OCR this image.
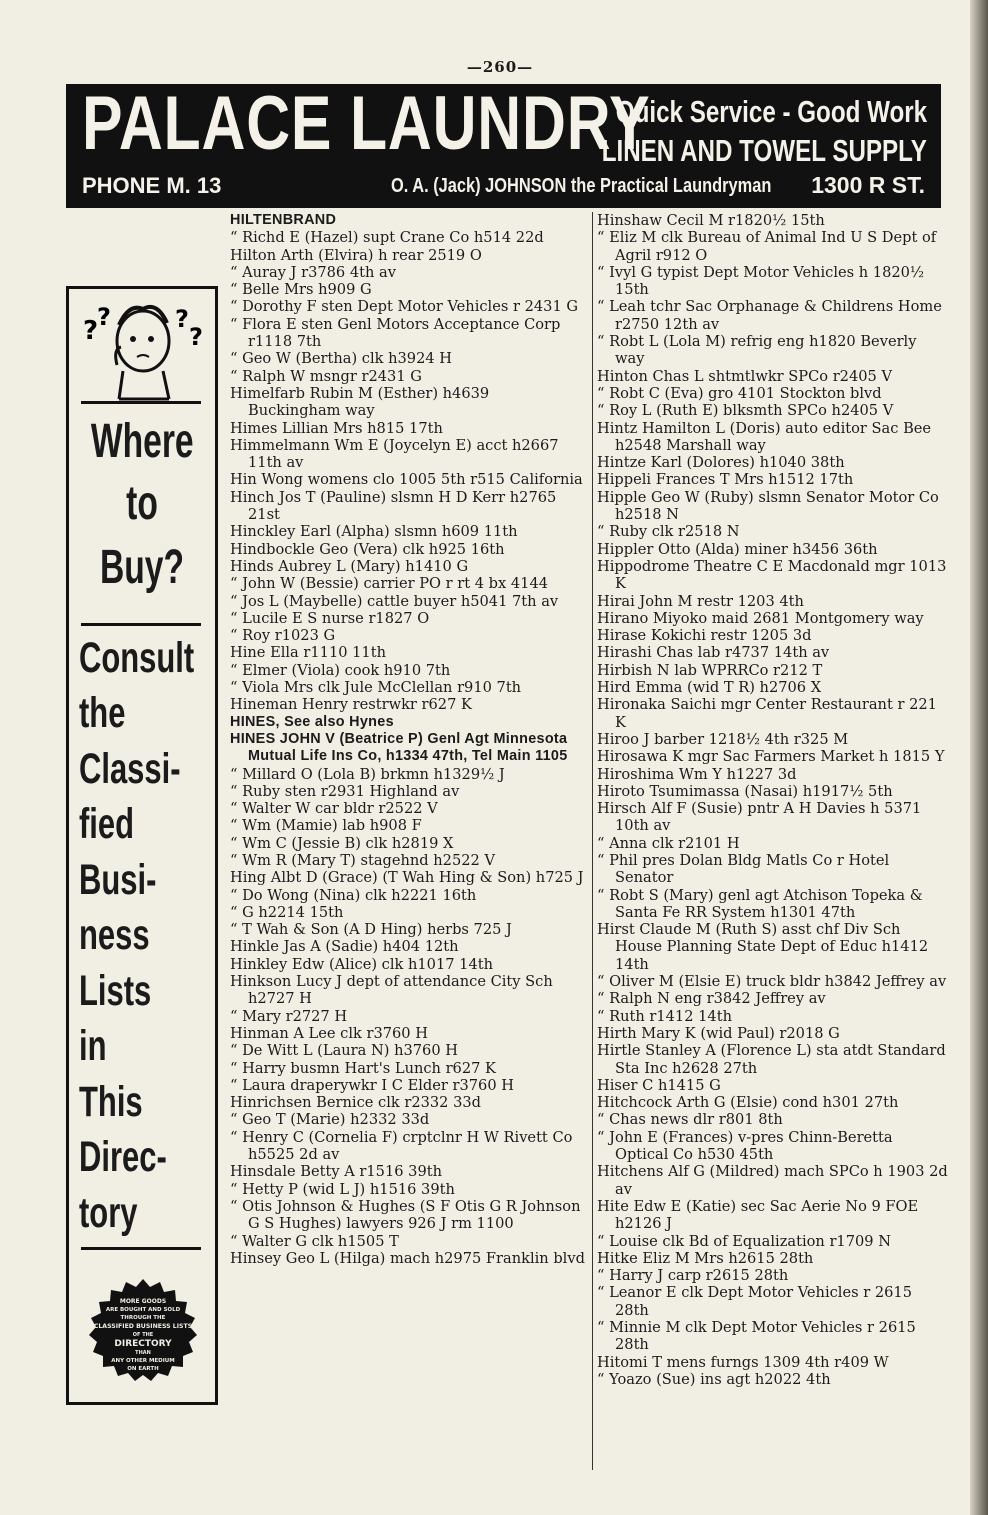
—260—
PALACE LAUNDRY
Quick Service - Good Work
LINEN AND TOWEL SUPPLY
PHONE M. 13	O. A. (Jack) JOHNSON the Practical Laundryman 1300 R ST.
?
?	?
?
Where
to
Buy?
Consult
the
Classi-
fied
Busi-
ness
Lists
in
This
Direc-
tory
MORE GOODS
ARE BOUGHT AND SOLD
THROUGH THE
CLASSIFIED BUSINESS LISTS
OF THE
DIRECTORY
THAN
ANY OTHER MEDIUM
ON EARTH
HILTENBRAND
“ Richd E (Hazel) supt Crane Co h514 22d
Hilton Arth (Elvira) h rear 2519 O
“ Auray J r3786 4th av
“ Belle Mrs h909 G
“ Dorothy F sten Dept Motor Vehicles r 2431 G
“ Flora E sten Genl Motors Acceptance Corp r1118 7th
“ Geo W (Bertha) clk h3924 H
“ Ralph W msngr r2431 G
Himelfarb Rubin M (Esther) h4639 Buckingham way
Himes Lillian Mrs h815 17th
Himmelmann Wm E (Joycelyn E) acct h2667 11th av
Hin Wong womens clo 1005 5th r515 California
Hinch Jos T (Pauline) slsmn H D Kerr h2765 21st
Hinckley Earl (Alpha) slsmn h609 11th
Hindbockle Geo (Vera) clk h925 16th
Hinds Aubrey L (Mary) h1410 G
“ John W (Bessie) carrier PO r rt 4 bx 4144
“ Jos L (Maybelle) cattle buyer h5041 7th av
“ Lucile E S nurse r1827 O
“ Roy r1023 G
Hine Ella r1110 11th
“ Elmer (Viola) cook h910 7th
“ Viola Mrs clk Jule McClellan r910 7th
Hineman Henry restrwkr r627 K
HINES, See also Hynes
HINES JOHN V (Beatrice P) Genl Agt Minnesota Mutual Life Ins Co, h1334 47th, Tel Main 1105
“ Millard O (Lola B) brkmn h1329½ J
“ Ruby sten r2931 Highland av
“ Walter W car bldr r2522 V
“ Wm (Mamie) lab h908 F
“ Wm C (Jessie B) clk h2819 X
“ Wm R (Mary T) stagehnd h2522 V
Hing Albt D (Grace) (T Wah Hing & Son) h725 J
“ Do Wong (Nina) clk h2221 16th
“ G h2214 15th
“ T Wah & Son (A D Hing) herbs 725 J
Hinkle Jas A (Sadie) h404 12th
Hinkley Edw (Alice) clk h1017 14th
Hinkson Lucy J dept of attendance City Sch h2727 H
“ Mary r2727 H
Hinman A Lee clk r3760 H
“ De Witt L (Laura N) h3760 H
“ Harry busmn Hart's Lunch r627 K
“ Laura draperywkr I C Elder r3760 H
Hinrichsen Bernice clk r2332 33d
“ Geo T (Marie) h2332 33d
“ Henry C (Cornelia F) crptclnr H W Rivett Co h5525 2d av
Hinsdale Betty A r1516 39th
“ Hetty P (wid L J) h1516 39th
“ Otis Johnson & Hughes (S F Otis G R Johnson G S Hughes) lawyers 926 J rm 1100
“ Walter G clk h1505 T
Hinsey Geo L (Hilga) mach h2975 Franklin blvd
Hinshaw Cecil M r1820½ 15th
“ Eliz M clk Bureau of Animal Ind U S Dept of Agril r912 O
“ Ivyl G typist Dept Motor Vehicles h 1820½ 15th
“ Leah tchr Sac Orphanage & Childrens Home r2750 12th av
“ Robt L (Lola M) refrig eng h1820 Beverly way
Hinton Chas L shtmtlwkr SPCo r2405 V
“ Robt C (Eva) gro 4101 Stockton blvd
“ Roy L (Ruth E) blksmth SPCo h2405 V
Hintz Hamilton L (Doris) auto editor Sac Bee h2548 Marshall way
Hintze Karl (Dolores) h1040 38th
Hippeli Frances T Mrs h1512 17th
Hipple Geo W (Ruby) slsmn Senator Motor Co h2518 N
“ Ruby clk r2518 N
Hippler Otto (Alda) miner h3456 36th
Hippodrome Theatre C E Macdonald mgr 1013 K
Hirai John M restr 1203 4th
Hirano Miyoko maid 2681 Montgomery way
Hirase Kokichi restr 1205 3d
Hirashi Chas lab r4737 14th av
Hirbish N lab WPRRCo r212 T
Hird Emma (wid T R) h2706 X
Hironaka Saichi mgr Center Restaurant r 221 K
Hiroo J barber 1218½ 4th r325 M
Hirosawa K mgr Sac Farmers Market h 1815 Y
Hiroshima Wm Y h1227 3d
Hiroto Tsumimassa (Nasai) h1917½ 5th
Hirsch Alf F (Susie) pntr A H Davies h 5371 10th av
“ Anna clk r2101 H
“ Phil pres Dolan Bldg Matls Co r Hotel Senator
“ Robt S (Mary) genl agt Atchison Topeka & Santa Fe RR System h1301 47th
Hirst Claude M (Ruth S) asst chf Div Sch House Planning State Dept of Educ h1412 14th
“ Oliver M (Elsie E) truck bldr h3842 Jeffrey av
“ Ralph N eng r3842 Jeffrey av
“ Ruth r1412 14th
Hirth Mary K (wid Paul) r2018 G
Hirtle Stanley A (Florence L) sta atdt Standard Sta Inc h2628 27th
Hiser C h1415 G
Hitchcock Arth G (Elsie) cond h301 27th
“ Chas news dlr r801 8th
“ John E (Frances) v-pres Chinn-Beretta Optical Co h530 45th
Hitchens Alf G (Mildred) mach SPCo h 1903 2d av
Hite Edw E (Katie) sec Sac Aerie No 9 FOE h2126 J
“ Louise clk Bd of Equalization r1709 N
Hitke Eliz M Mrs h2615 28th
“ Harry J carp r2615 28th
“ Leanor E clk Dept Motor Vehicles r 2615 28th
“ Minnie M clk Dept Motor Vehicles r 2615 28th
Hitomi T mens furngs 1309 4th r409 W
“ Yoazo (Sue) ins agt h2022 4th
